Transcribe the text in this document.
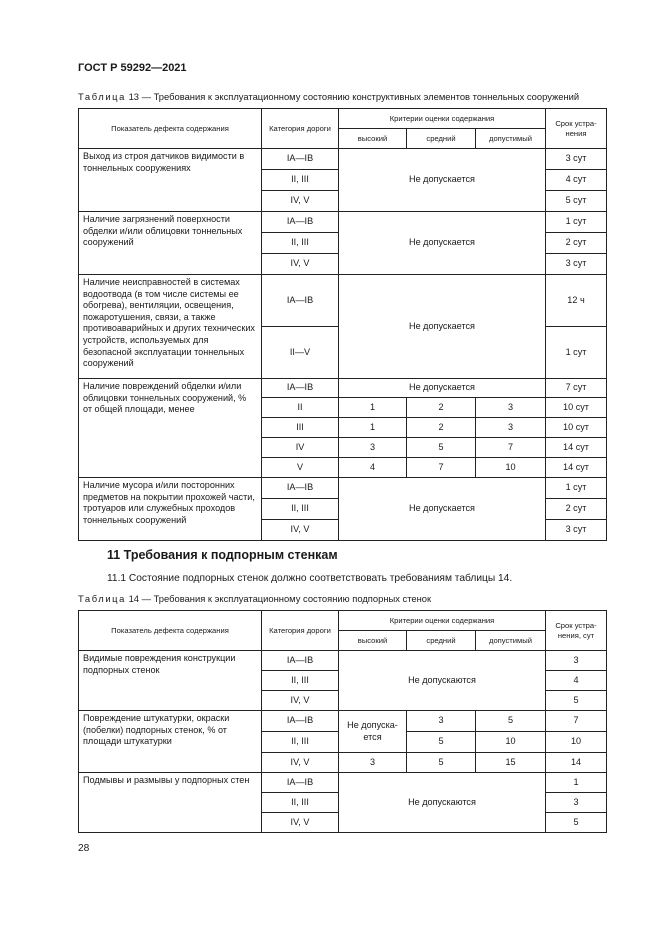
ГОСТ Р 59292—2021
Таблица 13 — Требования к эксплуатационному состоянию конструктивных элементов тоннельных сооружений
Показатель дефекта содержания	Категория дороги	Критерии оценки содержания			Срок устра-нения
		высокий	средний	допустимый	
Выход из строя датчиков видимости в тоннельных сооружениях	IA—IB	Не допускается			3 сут
	II, III				4 сут
	IV, V				5 сут
Наличие загрязнений поверхности обделки и/или облицовки тоннельных сооружений	IA—IB	Не допускается			1 сут
	II, III				2 сут
	IV, V				3 сут
Наличие неисправностей в системах водоотвода (в том числе системы ее обогрева), вентиляции, освещения, пожаротушения, связи, а также противоаварийных и других технических устройств, используемых для безопасной эксплуатации тоннельных сооружений	IA—IB	Не допускается			12 ч
	II—V				1 сут
Наличие повреждений обделки и/или облицовки тоннельных сооружений, % от общей площади, менее	IA—IB	Не допускается			7 сут
	II	1	2	3	10 сут
	III	1	2	3	10 сут
	IV	3	5	7	14 сут
	V	4	7	10	14 сут
Наличие мусора и/или посторонних предметов на покрытии прохожей части, тротуаров или служебных проходов тоннельных сооружений	IA—IB	Не допускается			1 сут
	II, III				2 сут
	IV, V				3 сут
11 Требования к подпорным стенкам
11.1 Состояние подпорных стенок должно соответствовать требованиям таблицы 14.
Таблица 14 — Требования к эксплуатационному состоянию подпорных стенок
Показатель дефекта содержания	Категория дороги	Критерии оценки содержания			Срок устра-нения, сут
		высокий	средний	допустимый	
Видимые повреждения конструкции подпорных стенок	IA—IB	Не допускаются			3
	II, III				4
	IV, V				5
Повреждение штукатурки, окраски (побелки) подпорных стенок, % от площади штукатурки	IA—IB	Не допуска-ется	3	5	7
	II, III		5	10	10
	IV, V	3	5	15	14
Подмывы и размывы у подпорных стен	IA—IB	Не допускаются			1
	II, III				3
	IV, V				5
28
